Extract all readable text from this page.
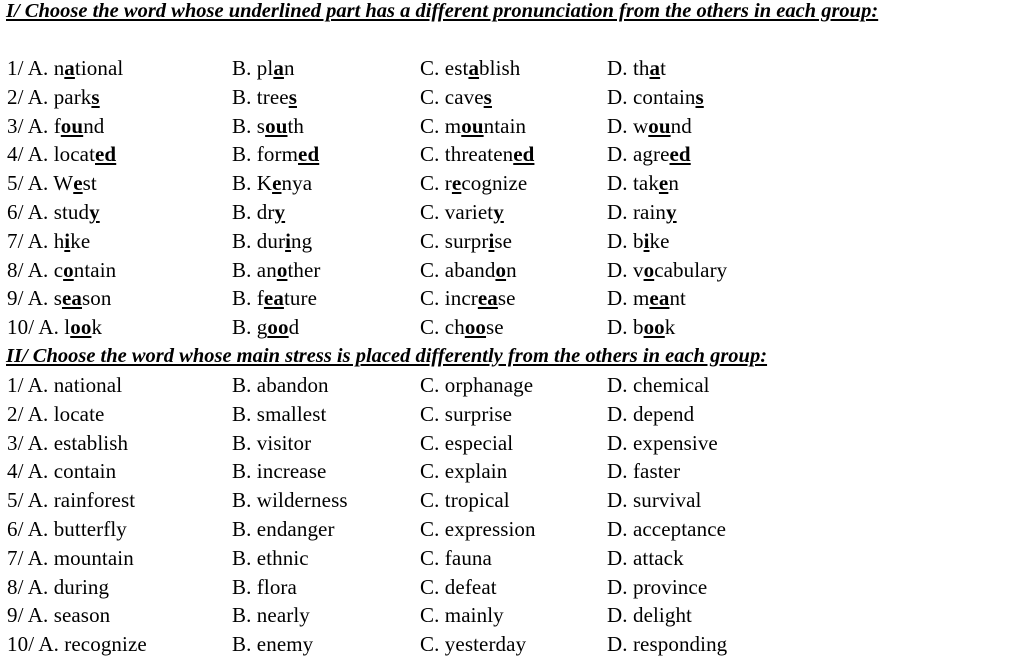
I/ Choose the word whose underlined part has a different pronunciation from the others in each group:
1/ A. national	B. plan	C. establish	D. that
2/ A. parks	B. trees	C. caves	D. contains
3/ A. found	B. south	C. mountain	D. wound
4/ A. located	B. formed	C. threatened	D. agreed
5/ A. West	B. Kenya	C. recognize	D. taken
6/ A. study	B. dry	C. variety	D. rainy
7/ A. hike	B. during	C. surprise	D. bike
8/ A. contain	B. another	C. abandon	D. vocabulary
9/ A. season	B. feature	C. increase	D. meant
10/ A. look	B. good	C. choose	D. book
II/ Choose the word whose main stress is placed differently from the others in each group:
1/ A. national	B. abandon	C. orphanage	D. chemical
2/ A. locate	B. smallest	C. surprise	D. depend
3/ A. establish	B. visitor	C. especial	D. expensive
4/ A. contain	B. increase	C. explain	D. faster
5/ A. rainforest	B. wilderness	C. tropical	D. survival
6/ A. butterfly	B. endanger	C. expression	D. acceptance
7/ A. mountain	B. ethnic	C. fauna	D. attack
8/ A. during	B. flora	C. defeat	D. province
9/ A. season	B. nearly	C. mainly	D. delight
10/ A. recognize	B. enemy	C. yesterday	D. responding
